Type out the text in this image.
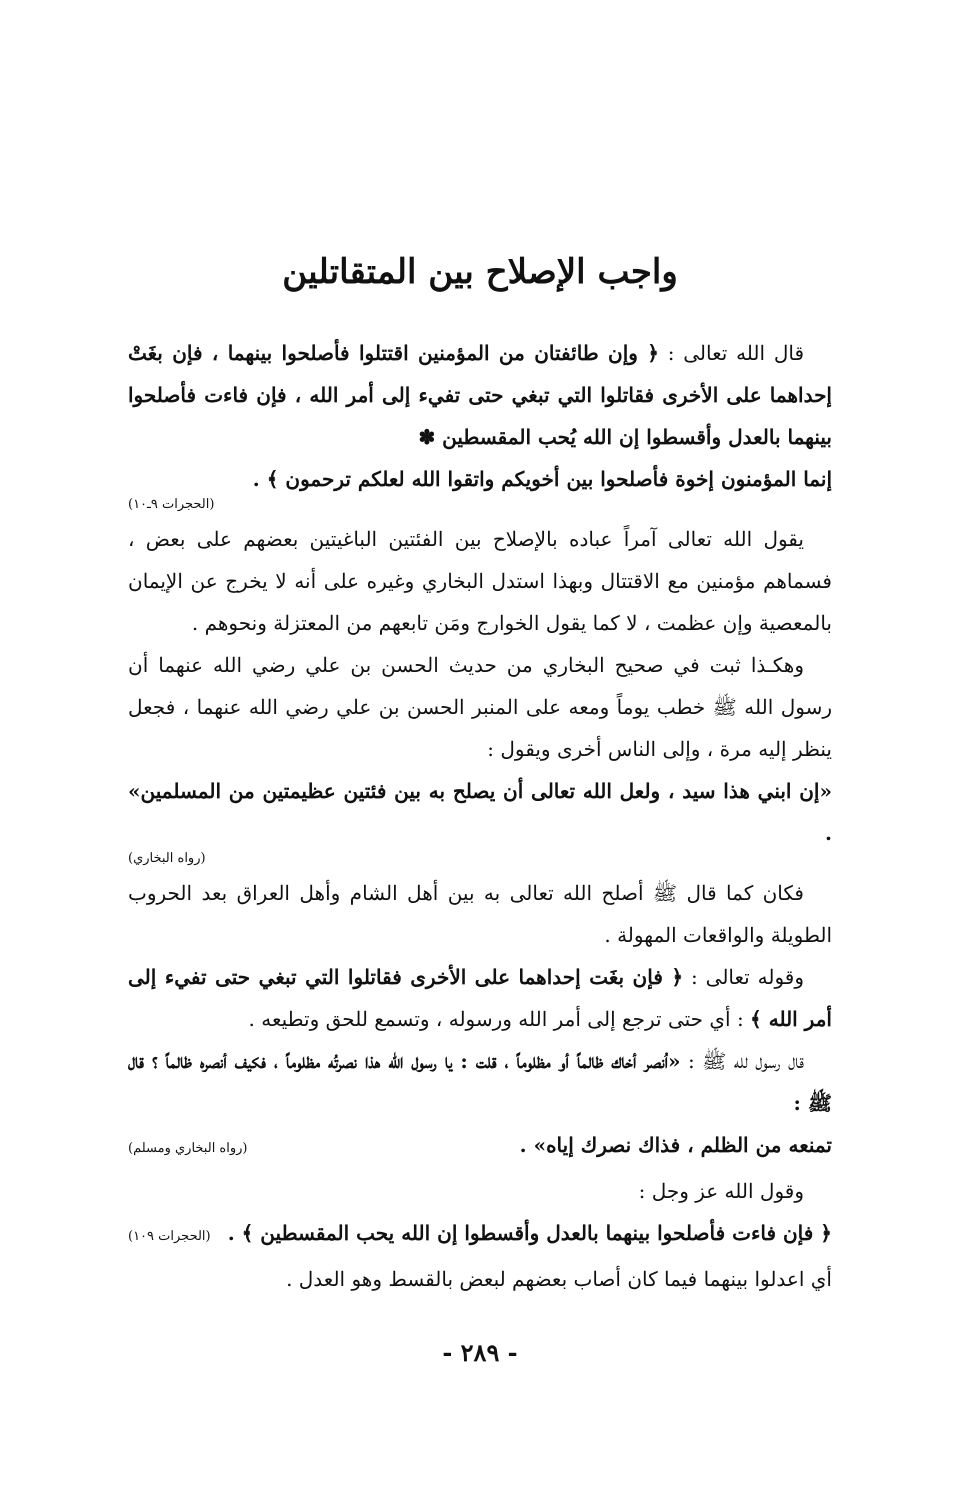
واجب الإصلاح بين المتقاتلين

قال الله تعالى : ﴿ وإن طائفتان من المؤمنين اقتتلوا فأصلحوا بينهما ، فإن بغَتْ إحداهما على الأخرى فقاتلوا التي تبغي حتى تفيء إلى أمر الله ، فإن فاءت فأصلحوا بينهما بالعدل وأقسطوا إن الله يُحب المقسطين ✽

إنما المؤمنون إخوة فأصلحوا بين أخويكم واتقوا الله لعلكم ترحمون ﴾ .

(الحجرات ٩ـ١٠)

يقول الله تعالى آمراً عباده بالإصلاح بين الفئتين الباغيتين بعضهم على بعض ، فسماهم مؤمنين مع الاقتتال وبهذا استدل البخاري وغيره على أنه لا يخرج عن الإيمان بالمعصية وإن عظمت ، لا كما يقول الخوارج ومَن تابعهم من المعتزلة ونحوهم .

وهكـذا ثبت في صحيح البخاري من حديث الحسن بن علي رضي الله عنهما أن رسول الله ﷺ خطب يوماً ومعه على المنبر الحسن بن علي رضي الله عنهما ، فجعل ينظر إليه مرة ، وإلى الناس أخرى ويقول :

«إن ابني هذا سيد ، ولعل الله تعالى أن يصلح به بين فئتين عظيمتين من المسلمين» .

(رواه البخاري)

فكان كما قال ﷺ أصلح الله تعالى به بين أهل الشام وأهل العراق بعد الحروب الطويلة والواقعات المهولة .

وقوله تعالى : ﴿ فإن بغَت إحداهما على الأخرى فقاتلوا التي تبغي حتى تفيء إلى أمر الله ﴾ : أي حتى ترجع إلى أمر الله ورسوله ، وتسمع للحق وتطيعه .

قال رسول لله ﷺ : «اُنصر أخاك ظالماً أو مظلوماً ، قلت : يا رسول الله هذا نصرتُه مظلوماً ، فكيف أنصره ظالماً ؟ قال ﷺ :

تمنعه من الظلم ، فذاك نصرك إياه» .
(رواه البخاري ومسلم)

وقول الله عز وجل :

﴿ فإن فاءت فأصلحوا بينهما بالعدل وأقسطوا إن الله يحب المقسطين ﴾ .
(الحجرات ١٠٩)

أي اعدلوا بينهما فيما كان أصاب بعضهم لبعض بالقسط وهو العدل .

- ٢٨٩ -
